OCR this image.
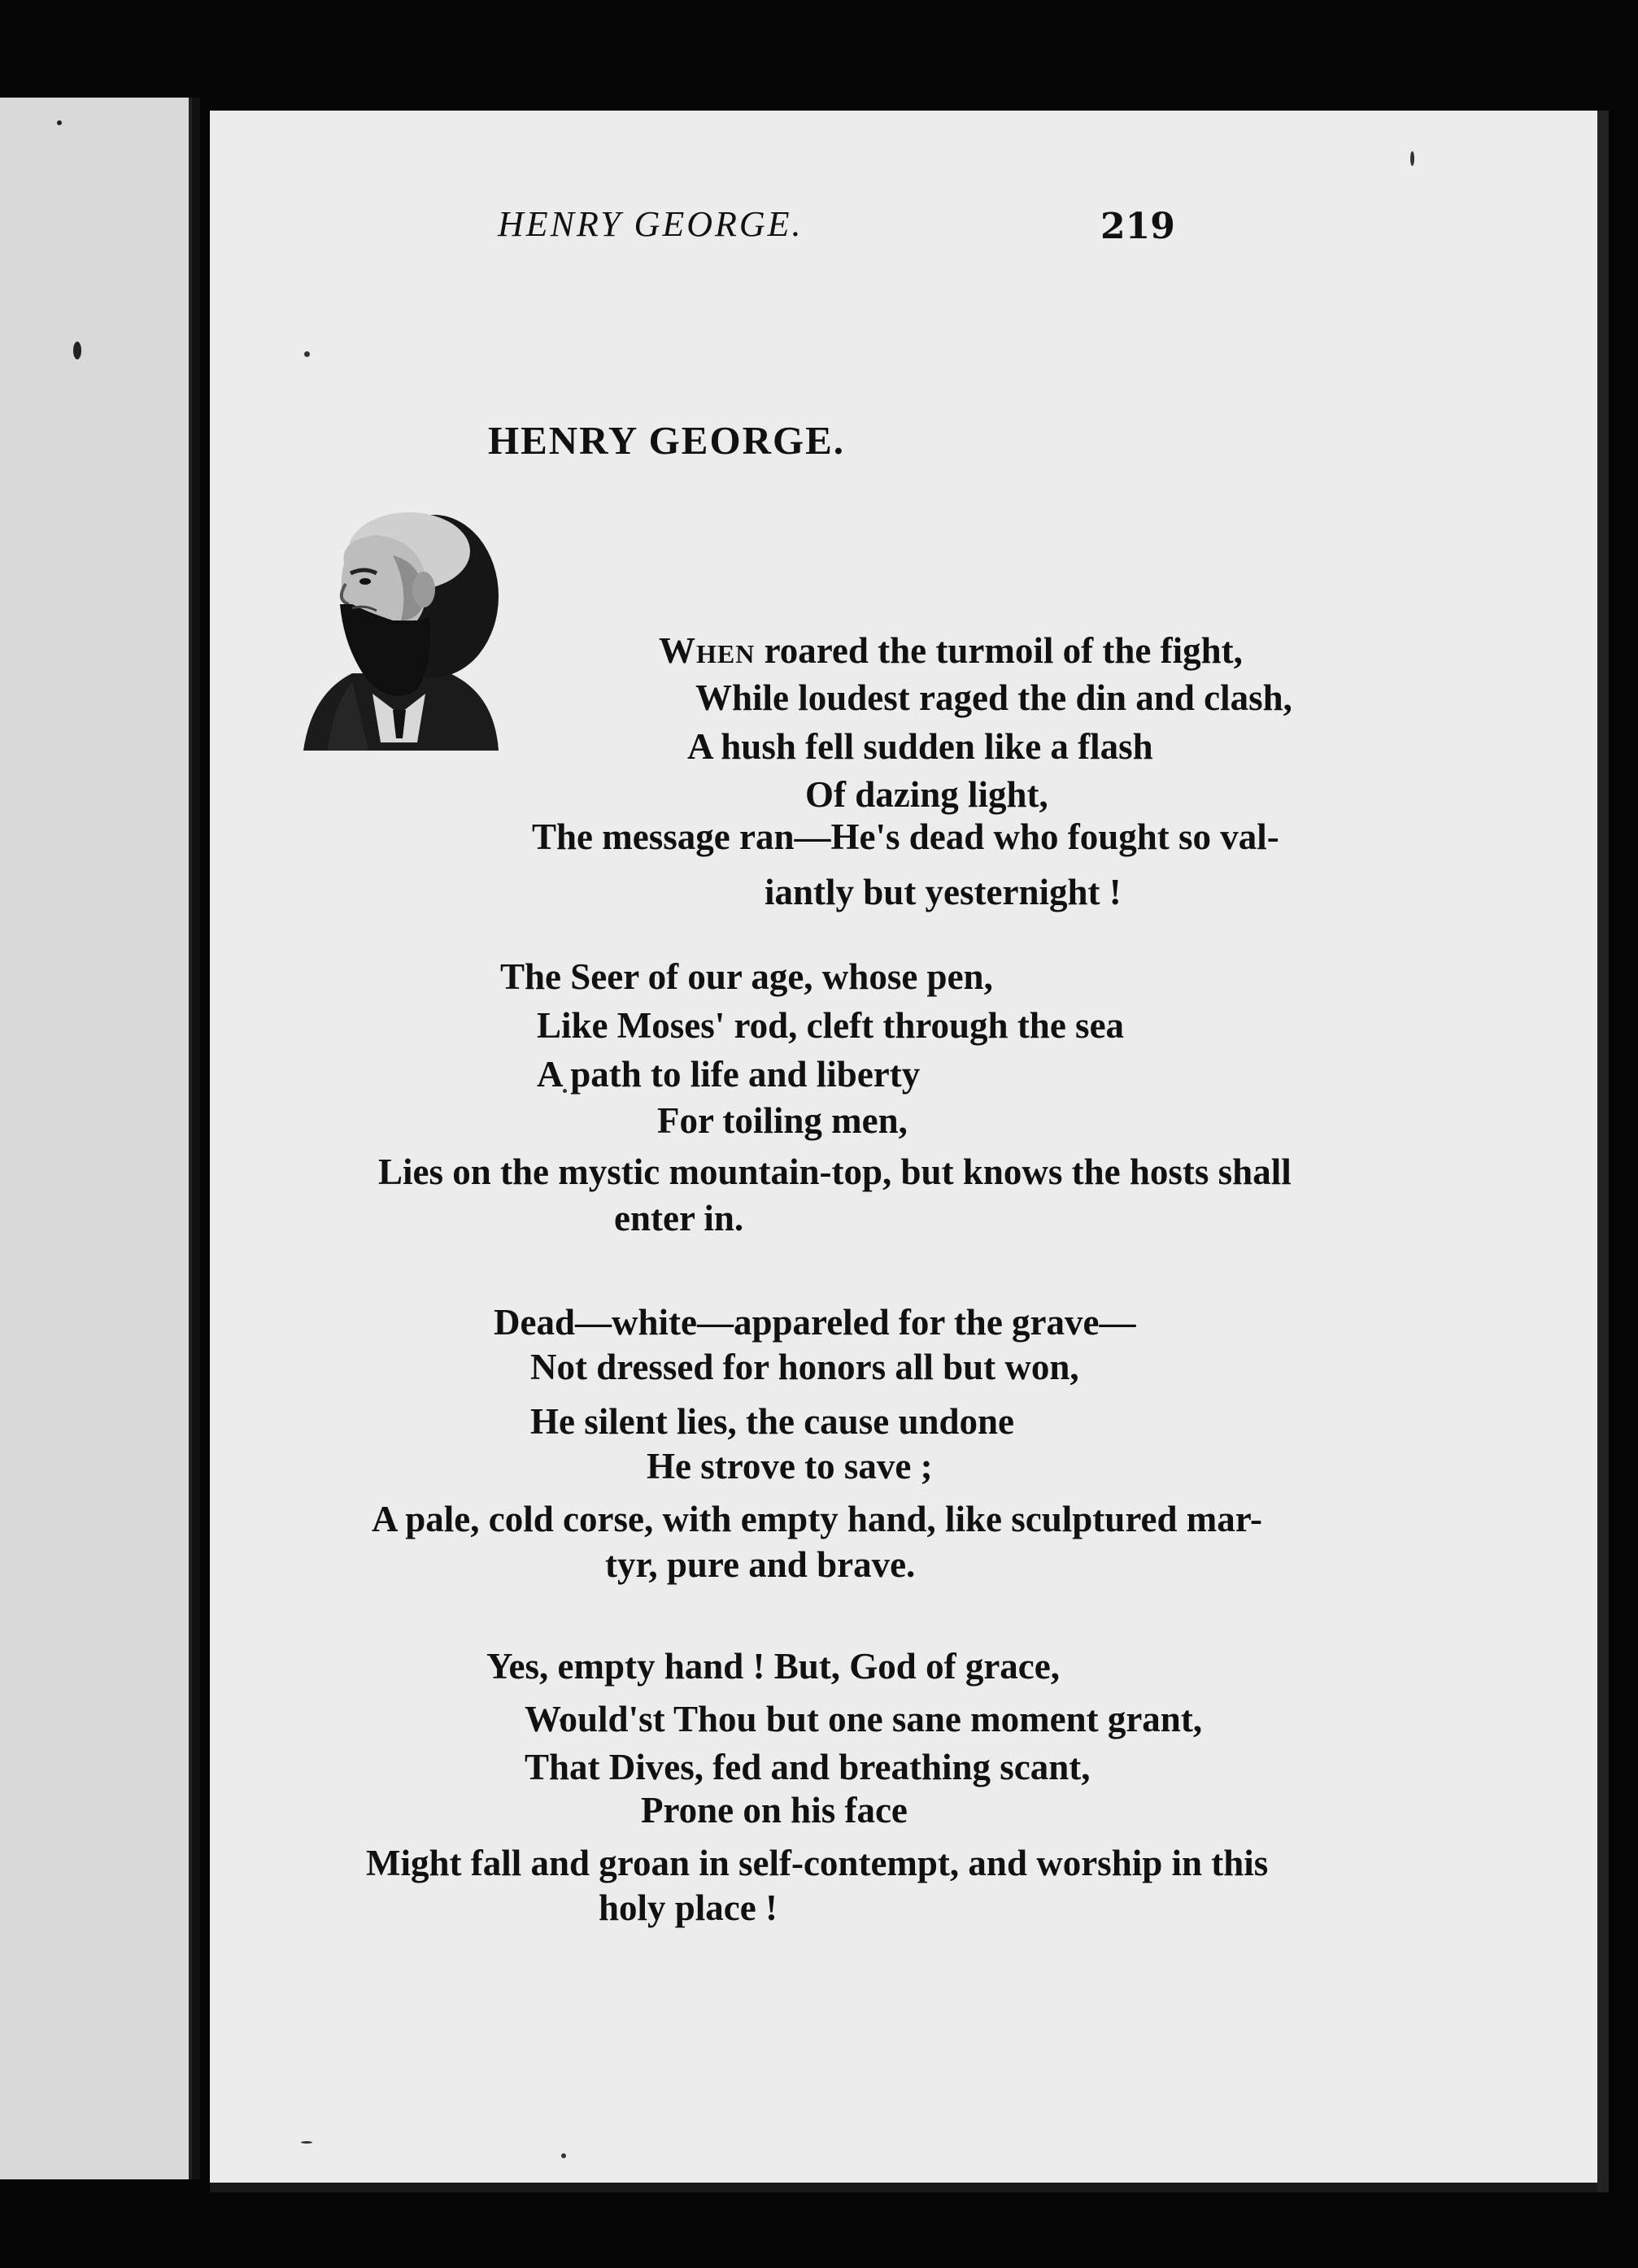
HENRY GEORGE.	219
HENRY GEORGE.
When roared the turmoil of the fight,
While loudest raged the din and clash,
A hush fell sudden like a flash
Of dazing light,
The message ran—He's dead who fought so val-
iantly but yesternight !
The Seer of our age, whose pen,
Like Moses' rod, cleft through the sea
A path to life and liberty
For toiling men,
Lies on the mystic mountain-top, but knows the hosts shall
enter in.
Dead—white—appareled for the grave—
Not dressed for honors all but won,
He silent lies, the cause undone
He strove to save ;
A pale, cold corse, with empty hand, like sculptured mar-
tyr, pure and brave.
Yes, empty hand ! But, God of grace,
Would'st Thou but one sane moment grant,
That Dives, fed and breathing scant,
Prone on his face
Might fall and groan in self-contempt, and worship in this
holy place !
